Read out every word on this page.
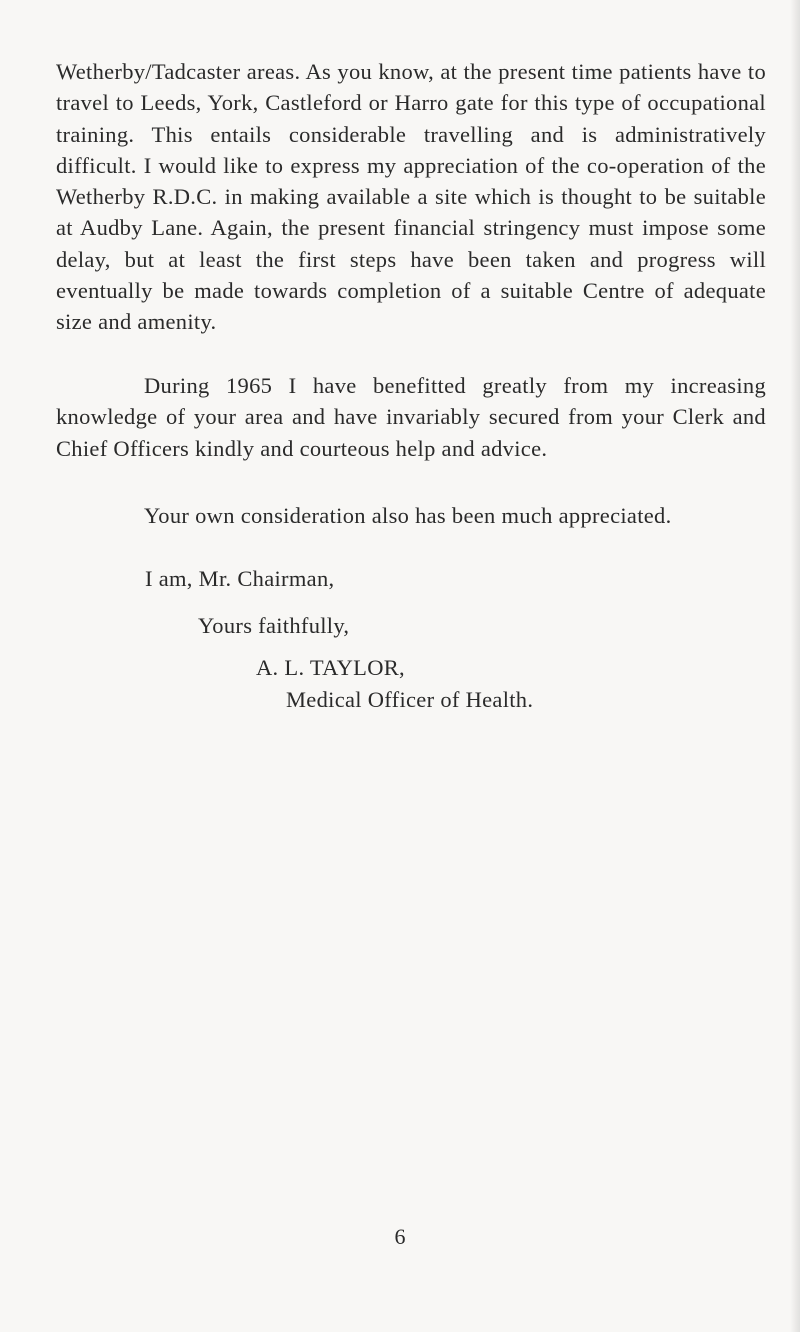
Wetherby/Tadcaster areas. As you know, at the present time patients have to travel to Leeds, York, Castleford or Harro gate for this type of occupational training. This entails considerable travelling and is administratively difficult. I would like to express my appreciation of the co-operation of the Wetherby R.D.C. in making available a site which is thought to be suitable at Audby Lane. Again, the present financial stringency must impose some delay, but at least the first steps have been taken and progress will eventually be made towards completion of a suitable Centre of adequate size and amenity.

During 1965 I have benefitted greatly from my increasing knowledge of your area and have invariably secured from your Clerk and Chief Officers kindly and courteous help and advice.

Your own consideration also has been much appreciated.

I am, Mr. Chairman,
Yours faithfully,
A. L. TAYLOR,
Medical Officer of Health.
6
